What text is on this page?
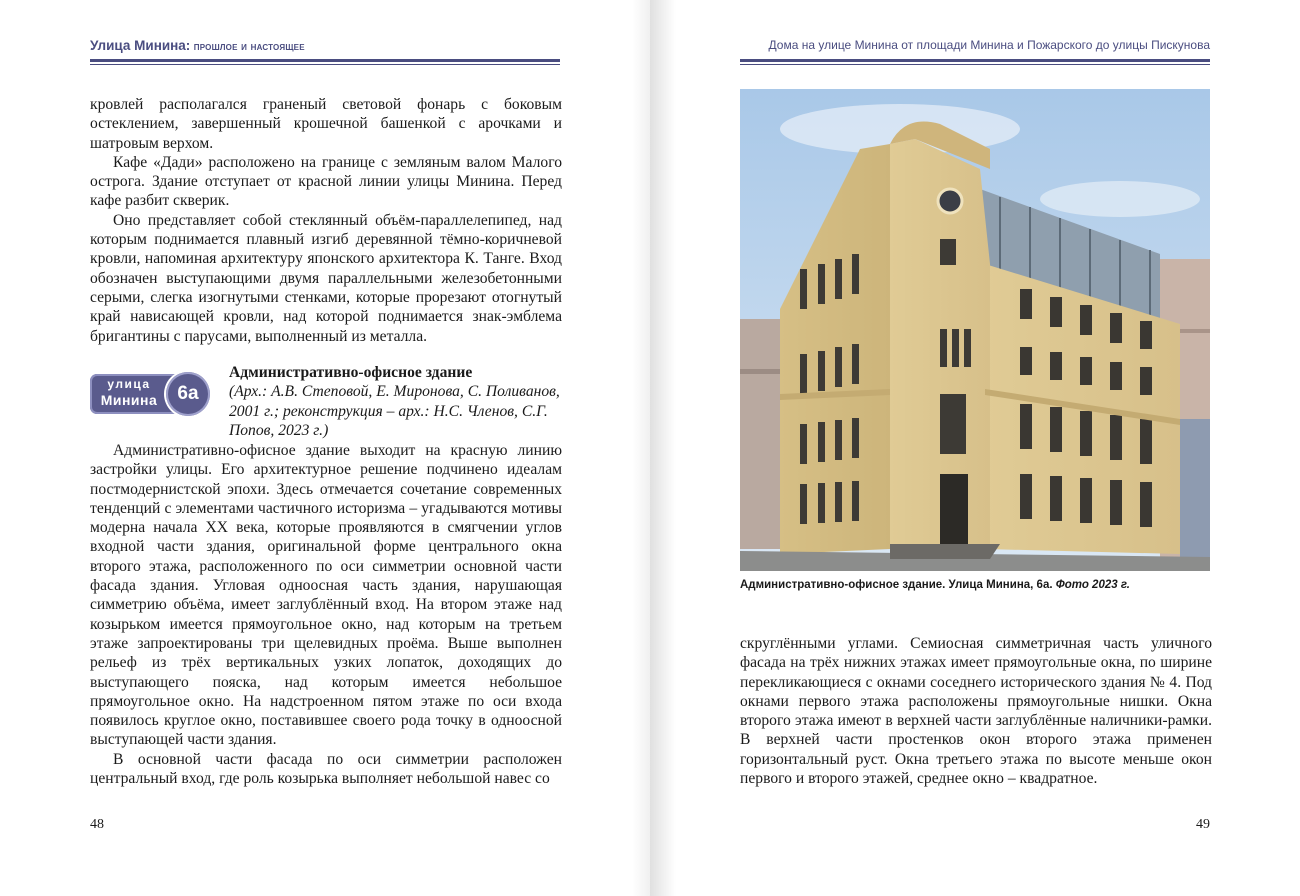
Улица Минина: прошлое и настоящее

кровлей располагался граненый световой фонарь с боковым остеклением, завершенный крошечной башенкой с арочками и шатровым верхом.

Кафе «Дади» расположено на границе с земляным валом Малого острога. Здание отступает от красной линии улицы Минина. Перед кафе разбит скверик.

Оно представляет собой стеклянный объём-параллелепипед, над которым поднимается плавный изгиб деревянной тёмно-коричневой кровли, напоминая архитектуру японского архитектора К. Танге. Вход обозначен выступающими двумя параллельными железобетонными серыми, слегка изогнутыми стенками, которые прорезают отогнутый край нависающей кровли, над которой поднимается знак-эмблема бригантины с парусами, выполненный из металла.

улица
Минина	6а
Административно-офисное здание
(Арх.: А.В. Степовой, Е. Миронова, С. Поливанов, 2001 г.; реконструкция – арх.: Н.С. Членов, С.Г. Попов, 2023 г.)

Административно-офисное здание выходит на красную линию застройки улицы. Его архитектурное решение подчинено идеалам постмодернистской эпохи. Здесь отмечается сочетание современных тенденций с элементами частичного историзма – угадываются мотивы модерна начала XX века, которые проявляются в смягчении углов входной части здания, оригинальной форме центрального окна второго этажа, расположенного по оси симметрии основной части фасада здания. Угловая одноосная часть здания, нарушающая симметрию объёма, имеет заглублённый вход. На втором этаже над козырьком имеется прямоугольное окно, над которым на третьем этаже запроектированы три щелевидных проёма. Выше выполнен рельеф из трёх вертикальных узких лопаток, доходящих до выступающего пояска, над которым имеется небольшое прямоугольное окно. На надстроенном пятом этаже по оси входа появилось круглое окно, поставившее своего рода точку в одноосной выступающей части здания.

В основной части фасада по оси симметрии расположен центральный вход, где роль козырька выполняет небольшой навес со

48
Дома на улице Минина от площади Минина и Пожарского до улицы Пискунова
Административно-офисное здание. Улица Минина, 6а. Фото 2023 г.

скруглёнными углами. Семиосная симметричная часть уличного фасада на трёх нижних этажах имеет прямоугольные окна, по ширине перекликающиеся с окнами соседнего исторического здания № 4. Под окнами первого этажа расположены прямоугольные нишки. Окна второго этажа имеют в верхней части заглублённые наличники-рамки. В верхней части простенков окон второго этажа применен горизонтальный руст. Окна третьего этажа по высоте меньше окон первого и второго этажей, среднее окно – квадратное.

49
